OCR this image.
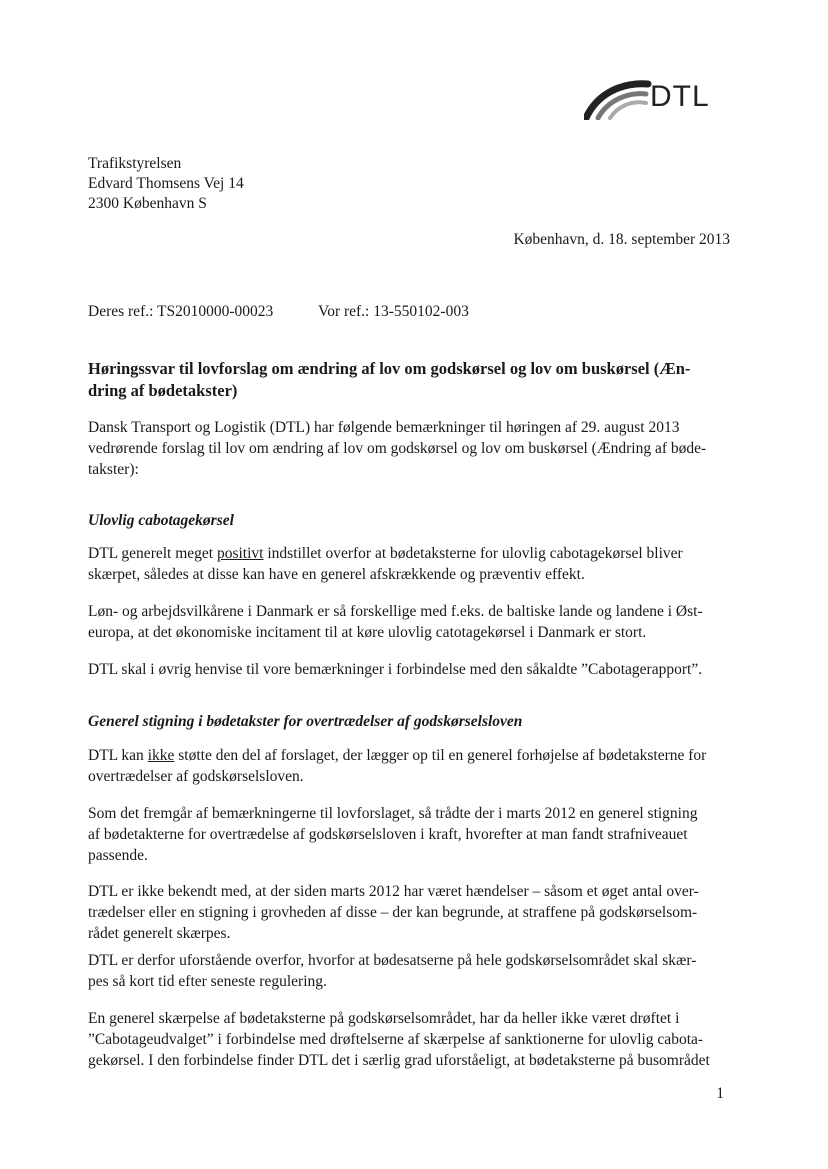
DTL
Trafikstyrelsen
Edvard Thomsens Vej 14
2300 København S
København, d. 18. september 2013
Deres ref.: TS2010000-00023	Vor ref.: 13-550102-003
Høringssvar til lovforslag om ændring af lov om godskørsel og lov om buskørsel (Æn-
dring af bødetakster)
Dansk Transport og Logistik (DTL) har følgende bemærkninger til høringen af 29. august 2013
vedrørende forslag til lov om ændring af lov om godskørsel og lov om buskørsel (Ændring af bøde-
takster):
Ulovlig cabotagekørsel
DTL generelt meget positivt indstillet overfor at bødetaksterne for ulovlig cabotagekørsel bliver
skærpet, således at disse kan have en generel afskrækkende og præventiv effekt.
Løn- og arbejdsvilkårene i Danmark er så forskellige med f.eks. de baltiske lande og landene i Øst-
europa, at det økonomiske incitament til at køre ulovlig catotagekørsel i Danmark er stort.
DTL skal i øvrig henvise til vore bemærkninger i forbindelse med den såkaldte ”Cabotagerapport”.
Generel stigning i bødetakster for overtrædelser af godskørselsloven
DTL kan ikke støtte den del af forslaget, der lægger op til en generel forhøjelse af bødetaksterne for
overtrædelser af godskørselsloven.
Som det fremgår af bemærkningerne til lovforslaget, så trådte der i marts 2012 en generel stigning
af bødetakterne for overtrædelse af godskørselsloven i kraft, hvorefter at man fandt strafniveauet
passende.
DTL er ikke bekendt med, at der siden marts 2012 har været hændelser – såsom et øget antal over-
trædelser eller en stigning i grovheden af disse – der kan begrunde, at straffene på godskørselsom-
rådet generelt skærpes.
DTL er derfor uforstående overfor, hvorfor at bødesatserne på hele godskørselsområdet skal skær-
pes så kort tid efter seneste regulering.
En generel skærpelse af bødetaksterne på godskørselsområdet, har da heller ikke været drøftet i
”Cabotageudvalget” i forbindelse med drøftelserne af skærpelse af sanktionerne for ulovlig cabota-
gekørsel. I den forbindelse finder DTL det i særlig grad uforståeligt, at bødetaksterne på busområdet
1
